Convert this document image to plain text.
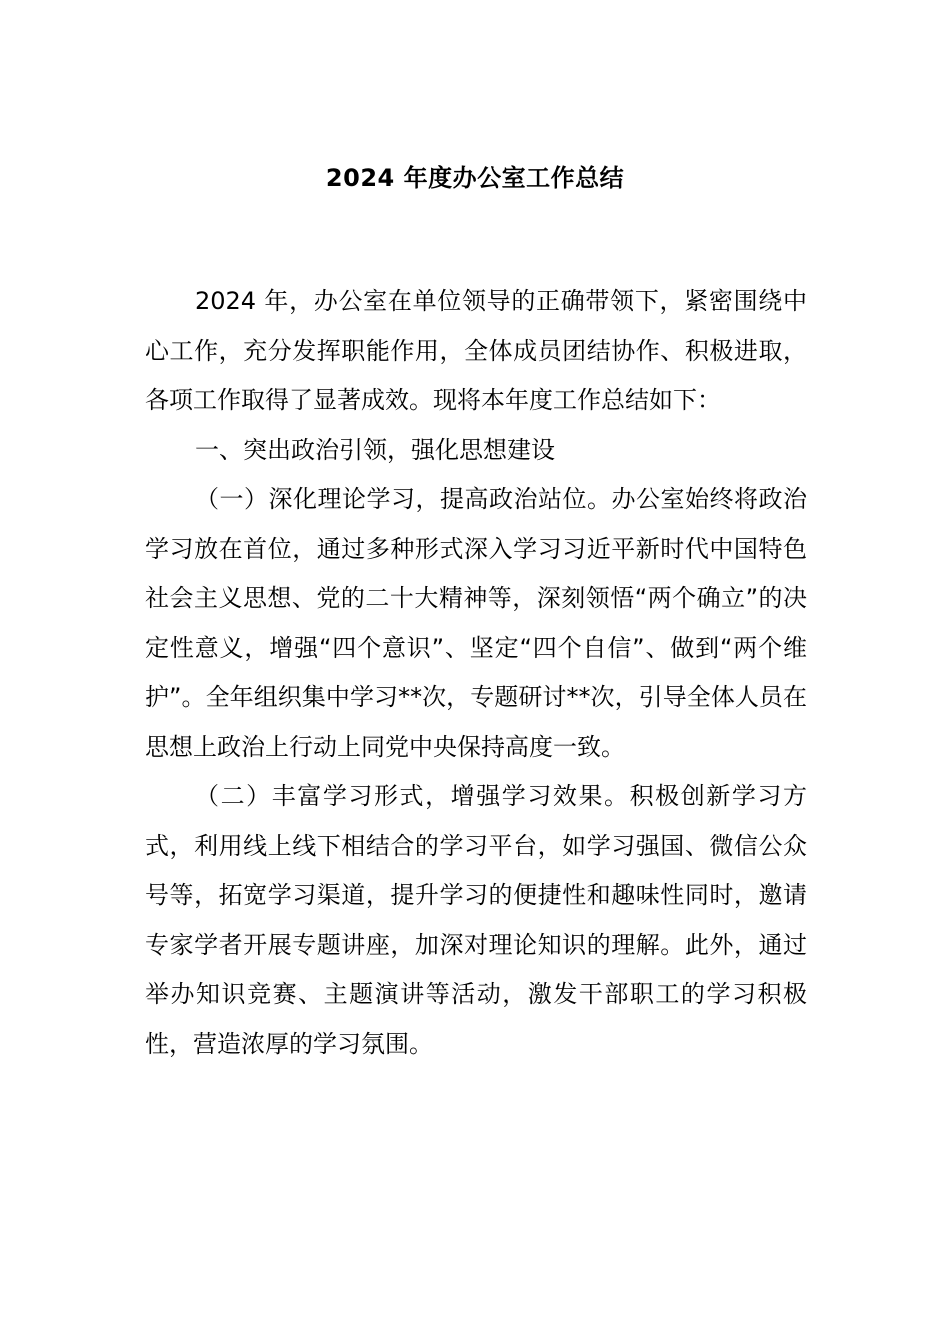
2024 年度办公室工作总结

2024 年，办公室在单位领导的正确带领下，紧密围绕中心工作，充分发挥职能作用，全体成员团结协作、积极进取，各项工作取得了显著成效。现将本年度工作总结如下：

一、突出政治引领，强化思想建设

（一）深化理论学习，提高政治站位。办公室始终将政治学习放在首位，通过多种形式深入学习习近平新时代中国特色社会主义思想、党的二十大精神等，深刻领悟“两个确立”的决定性意义，增强“四个意识”、坚定“四个自信”、做到“两个维护”。全年组织集中学习**次，专题研讨**次，引导全体人员在思想上政治上行动上同党中央保持高度一致。

（二）丰富学习形式，增强学习效果。积极创新学习方式，利用线上线下相结合的学习平台，如学习强国、微信公众号等，拓宽学习渠道，提升学习的便捷性和趣味性同时，邀请专家学者开展专题讲座，加深对理论知识的理解。此外，通过举办知识竞赛、主题演讲等活动，激发干部职工的学习积极性，营造浓厚的学习氛围。
